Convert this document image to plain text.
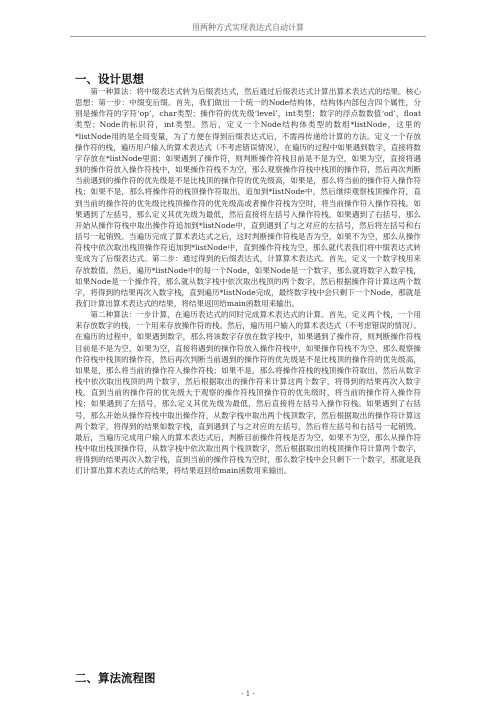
用两种方式实现表达式自动计算
一、设计思想

第一种算法：将中缀表达式转为后缀表达式，然后通过后缀表达式计算出算术表达式的结果。核心思想：第一步：中缀变后缀。首先，我们做出一个统一的Node结构体，结构体内部包含四个属性，分别是操作符的字符‘op’，char类型；操作符的优先级‘level’，int类型；数字的浮点数数值‘od’，float类型；Node的标识符，int类型。然后，定义一个Node结构体类型的数组*listNode，这里的*listNode用的是全局变量，为了方便在得到后缀表达式后，不需再传递给计算的方法。定义一个存放操作符的栈，遍历用户输入的算术表达式（不考虑错误情况），在遍历的过程中如果遇到数字，直接将数字存放在*listNode里面；如果遇到了操作符，则判断操作符栈目前是不是为空，如果为空，直接将遇到的操作符放入操作符栈中，如果操作符栈不为空，那么观察操作符栈中栈顶的操作符，然后再次判断当前遇到的操作符的优先级是不是比栈顶的操作符的优先级高，如果是，那么将当前的操作符入操作符栈；如果不是，那么将操作符的栈顶操作符取出，追加到*listNode中，然后继续观察栈顶操作符，直到当前的操作符的优先级比栈顶操作符的优先级高或者操作符栈为空时，将当前操作符入操作符栈。如果遇到了左括号，那么定义其优先级为最低，然后直接将左括号入操作符栈。如果遇到了右括号，那么开始从操作符栈中取出操作符追加到*listNode中，直到遇到了与之对应的左括号，然后将左括号和右括号一起销毁。当遍历完成了算术表达式之后，这时判断操作符栈是否为空，如果不为空，那么从操作符栈中依次取出栈顶操作符追加到*listNode中，直到操作符栈为空，那么就代表我们将中缀表达式转变成为了后缀表达式。第二步：通过得到的后缀表达式，计算算术表达式。首先，定义一个数字栈用来存放数值。然后，遍历*listNode中的每一个Node，如果Node是一个数字，那么就将数字入数字栈，如果Node是一个操作符，那么就从数字栈中依次取出栈顶的两个数字，然后根据操作符计算这两个数字，将得到的结果再次入数字栈，直到遍历*listNode完成，最终数字栈中会只剩下一个Node，那就是我们计算出算术表达式的结果，将结果返回给main函数用来输出。

第二种算法：一步计算，在遍历表达式的同时完成算术表达式的计算。首先，定义两个栈，一个用来存放数字的栈，一个用来存放操作符的栈。然后，遍历用户输入的算术表达式（不考虑错误的情况）。在遍历的过程中，如果遇到数字，那么将该数字存放在数字栈中，如果遇到了操作符，则判断操作符栈目前是不是为空，如果为空，直接将遇到的操作符放入操作符栈中，如果操作符栈不为空，那么观察操作符栈中栈顶的操作符，然后再次判断当前遇到的操作符的优先级是不是比栈顶的操作符的优先级高，如果是，那么将当前的操作符入操作符栈；如果不是，那么将操作符栈的栈顶操作符取出，然后从数字栈中依次取出栈顶的两个数字，然后根据取出的操作符来计算这两个数字，将得到的结果再次入数字栈，直到当前的操作符的优先级大于观察的操作符栈顶操作符的优先级时，将当前的操作符入操作符栈；如果遇到了左括号，那么定义其优先级为最低，然后直接将左括号入操作符栈。如果遇到了右括号，那么开始从操作符栈中取出操作符，从数字栈中取出两个栈顶数字，然后根据取出的操作符计算这两个数字，将得到的结果如数字栈，直到遇到了与之对应的左括号，然后将左括号和右括号一起销毁。最后，当遍历完成用户输入的算术表达式后，判断目前操作符栈是否为空，如果不为空，那么从操作符栈中取出栈顶操作符，从数字栈中依次取出两个栈顶数字，然后根据取出的栈顶操作符计算两个数字，将得到的结果再次入数字栈，直到当前的操作符栈为空时，那么数字栈中会只剩下一个数字，那就是我们计算出算术表达式的结果，将结果返回给main函数用来输出。

二、算法流程图
- 1 -
